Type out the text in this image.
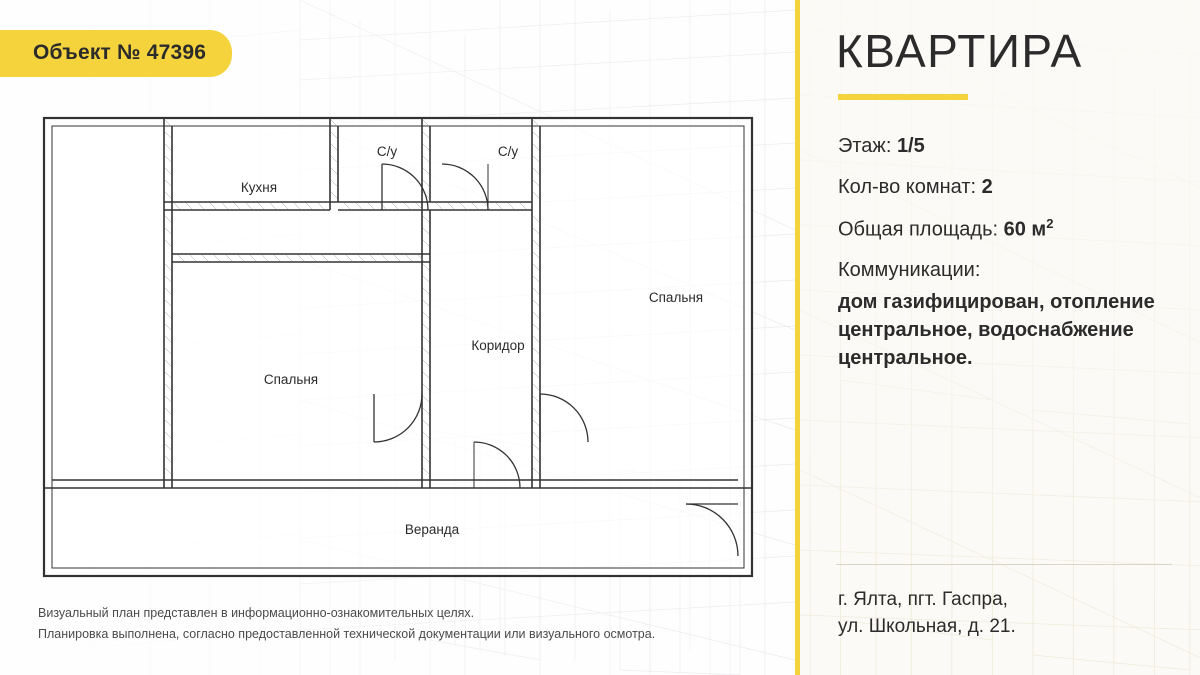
Объект № 47396
Кухня
С/у	С/у
Спальня
Коридор
Спальня
Веранда
Визуальный план представлен в информационно-ознакомительных целях.
Планировка выполнена, согласно предоставленной технической документации или визуального осмотра.
КВАРТИРА
Этаж: 1/5
Кол-во комнат: 2
Общая площадь: 60 $м^2$
Коммуникации:
дом газифицирован, отопление центральное, водоснабжение центральное.
г. Ялта, пгт. Гаспра,
ул. Школьная, д. 21.
